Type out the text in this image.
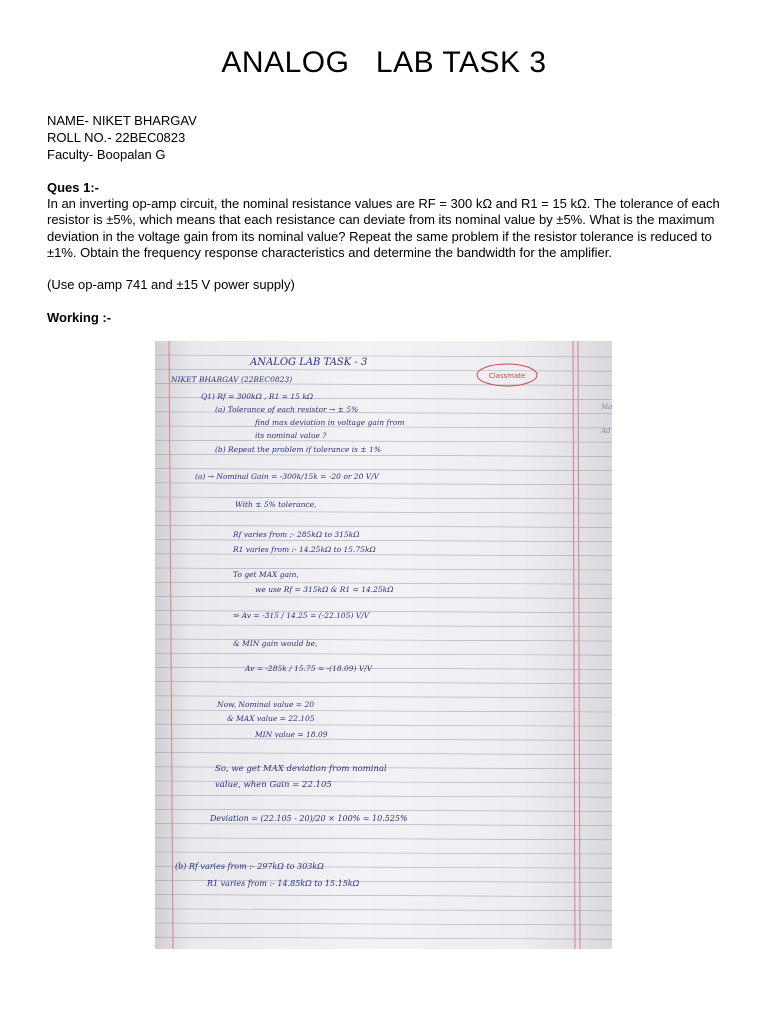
ANALOG   LAB TASK 3
NAME- NIKET BHARGAV
ROLL NO.- 22BEC0823
Faculty- Boopalan G
Ques 1:-
In an inverting op-amp circuit, the nominal resistance values are RF = 300 kΩ and R1 = 15 kΩ. The tolerance of each resistor is ±5%, which means that each resistance can deviate from its nominal value by ±5%. What is the maximum deviation in the voltage gain from its nominal value? Repeat the same problem if the resistor tolerance is reduced to ±1%. Obtain the frequency response characteristics and determine the bandwidth for the amplifier.
(Use op-amp 741 and ±15 V power supply)
Working :-
Classmate
Ma
Ad
ANALOG LAB TASK - 3
NIKET BHARGAV (22BEC0823)
Q1) Rf = 300kΩ , R1 = 15 kΩ
(a) Tolerance of each resistor → ± 5%
find max deviation in voltage gain from
its nominal value ?
(b) Repeat the problem if tolerance is ± 1%
(a) → Nominal Gain = -300k/15k = -20 or 20 V/V
With ± 5% tolerance,
Rf varies from :- 285kΩ to 315kΩ
R1 varies from :- 14.25kΩ to 15.75kΩ
To get MAX gain,
we use Rf = 315kΩ & R1 = 14.25kΩ
⇒ Av = -315 / 14.25 = (-22.105) V/V
& MIN gain would be,
Av = -285k / 15.75 = -(18.09) V/V
Now, Nominal value = 20
& MAX value = 22.105
MIN value = 18.09
So, we get MAX deviation from nominal
value, when Gain = 22.105
Deviation = (22.105 - 20)/20 × 100% = 10.525%
(b) Rf varies from :- 297kΩ to 303kΩ
R1 varies from :- 14.85kΩ to 15.15kΩ
